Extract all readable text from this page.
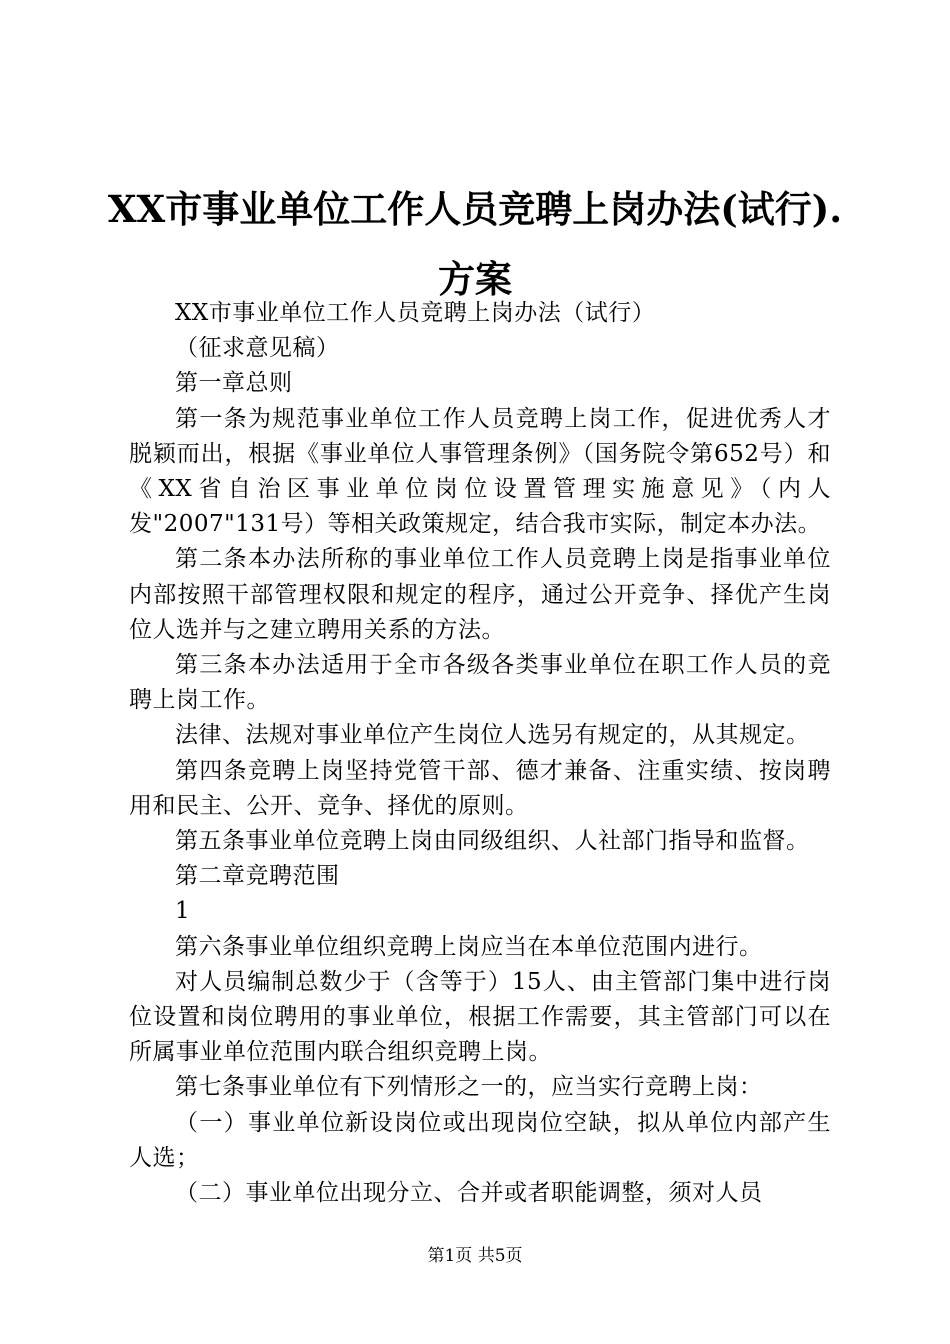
XX市事业单位工作人员竞聘上岗办法(试行).
方案

XX市事业单位工作人员竞聘上岗办法（试行）

（征求意见稿）

第一章总则

第一条为规范事业单位工作人员竞聘上岗工作，促进优秀人才脱颖而出，根据《事业单位人事管理条例》（国务院令第652号）和《XX省自治区事业单位岗位设置管理实施意见》（内人发"2007"131号）等相关政策规定，结合我市实际，制定本办法。

第二条本办法所称的事业单位工作人员竞聘上岗是指事业单位内部按照干部管理权限和规定的程序，通过公开竞争、择优产生岗位人选并与之建立聘用关系的方法。

第三条本办法适用于全市各级各类事业单位在职工作人员的竞聘上岗工作。

法律、法规对事业单位产生岗位人选另有规定的，从其规定。

第四条竞聘上岗坚持党管干部、德才兼备、注重实绩、按岗聘用和民主、公开、竞争、择优的原则。

第五条事业单位竞聘上岗由同级组织、人社部门指导和监督。

第二章竞聘范围

1

第六条事业单位组织竞聘上岗应当在本单位范围内进行。

对人员编制总数少于（含等于）15人、由主管部门集中进行岗位设置和岗位聘用的事业单位，根据工作需要，其主管部门可以在所属事业单位范围内联合组织竞聘上岗。

第七条事业单位有下列情形之一的，应当实行竞聘上岗：

（一）事业单位新设岗位或出现岗位空缺，拟从单位内部产生人选；

（二）事业单位出现分立、合并或者职能调整，须对人员

第1页 共5页
